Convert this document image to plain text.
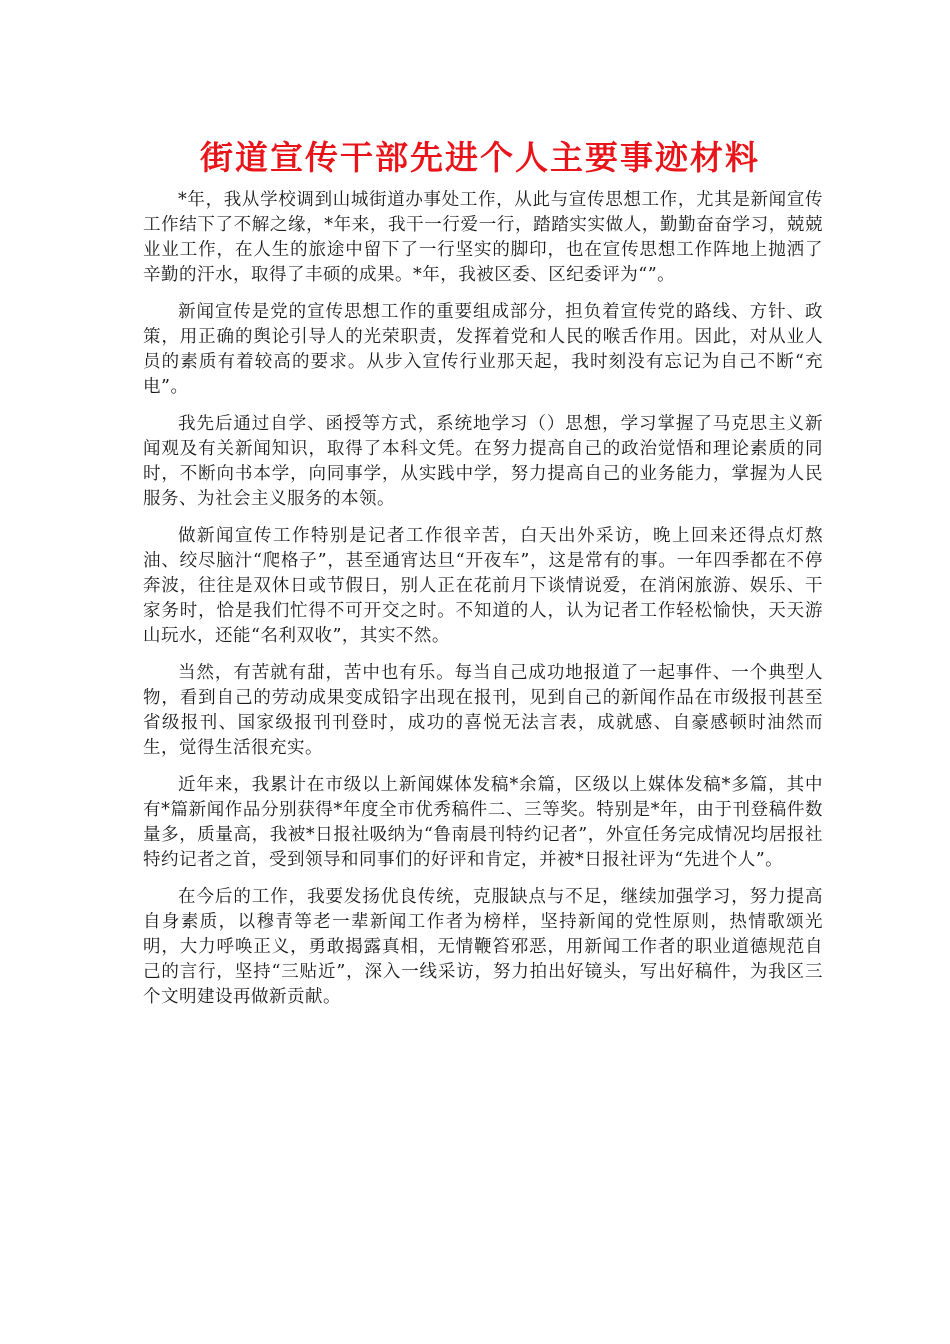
街道宣传干部先进个人主要事迹材料

*年，我从学校调到山城街道办事处工作，从此与宣传思想工作，尤其是新闻宣传工作结下了不解之缘，*年来，我干一行爱一行，踏踏实实做人，勤勤奋奋学习，兢兢业业工作，在人生的旅途中留下了一行坚实的脚印，也在宣传思想工作阵地上抛洒了辛勤的汗水，取得了丰硕的成果。*年，我被区委、区纪委评为“”。

新闻宣传是党的宣传思想工作的重要组成部分，担负着宣传党的路线、方针、政策，用正确的舆论引导人的光荣职责，发挥着党和人民的喉舌作用。因此，对从业人员的素质有着较高的要求。从步入宣传行业那天起，我时刻没有忘记为自己不断“充电”。

我先后通过自学、函授等方式，系统地学习（）思想，学习掌握了马克思主义新闻观及有关新闻知识，取得了本科文凭。在努力提高自己的政治觉悟和理论素质的同时，不断向书本学，向同事学，从实践中学，努力提高自己的业务能力，掌握为人民服务、为社会主义服务的本领。

做新闻宣传工作特别是记者工作很辛苦，白天出外采访，晚上回来还得点灯熬油、绞尽脑汁“爬格子”，甚至通宵达旦“开夜车”，这是常有的事。一年四季都在不停奔波，往往是双休日或节假日，别人正在花前月下谈情说爱，在消闲旅游、娱乐、干家务时，恰是我们忙得不可开交之时。不知道的人，认为记者工作轻松愉快，天天游山玩水，还能“名利双收”，其实不然。

当然，有苦就有甜，苦中也有乐。每当自己成功地报道了一起事件、一个典型人物，看到自己的劳动成果变成铅字出现在报刊，见到自己的新闻作品在市级报刊甚至省级报刊、国家级报刊刊登时，成功的喜悦无法言表，成就感、自豪感顿时油然而生，觉得生活很充实。

近年来，我累计在市级以上新闻媒体发稿*余篇，区级以上媒体发稿*多篇，其中有*篇新闻作品分别获得*年度全市优秀稿件二、三等奖。特别是*年，由于刊登稿件数量多，质量高，我被*日报社吸纳为“鲁南晨刊特约记者”，外宣任务完成情况均居报社特约记者之首，受到领导和同事们的好评和肯定，并被*日报社评为“先进个人”。

在今后的工作，我要发扬优良传统，克服缺点与不足，继续加强学习，努力提高自身素质，以穆青等老一辈新闻工作者为榜样，坚持新闻的党性原则，热情歌颂光明，大力呼唤正义，勇敢揭露真相，无情鞭笞邪恶，用新闻工作者的职业道德规范自己的言行，坚持“三贴近”，深入一线采访，努力拍出好镜头，写出好稿件，为我区三个文明建设再做新贡献。
